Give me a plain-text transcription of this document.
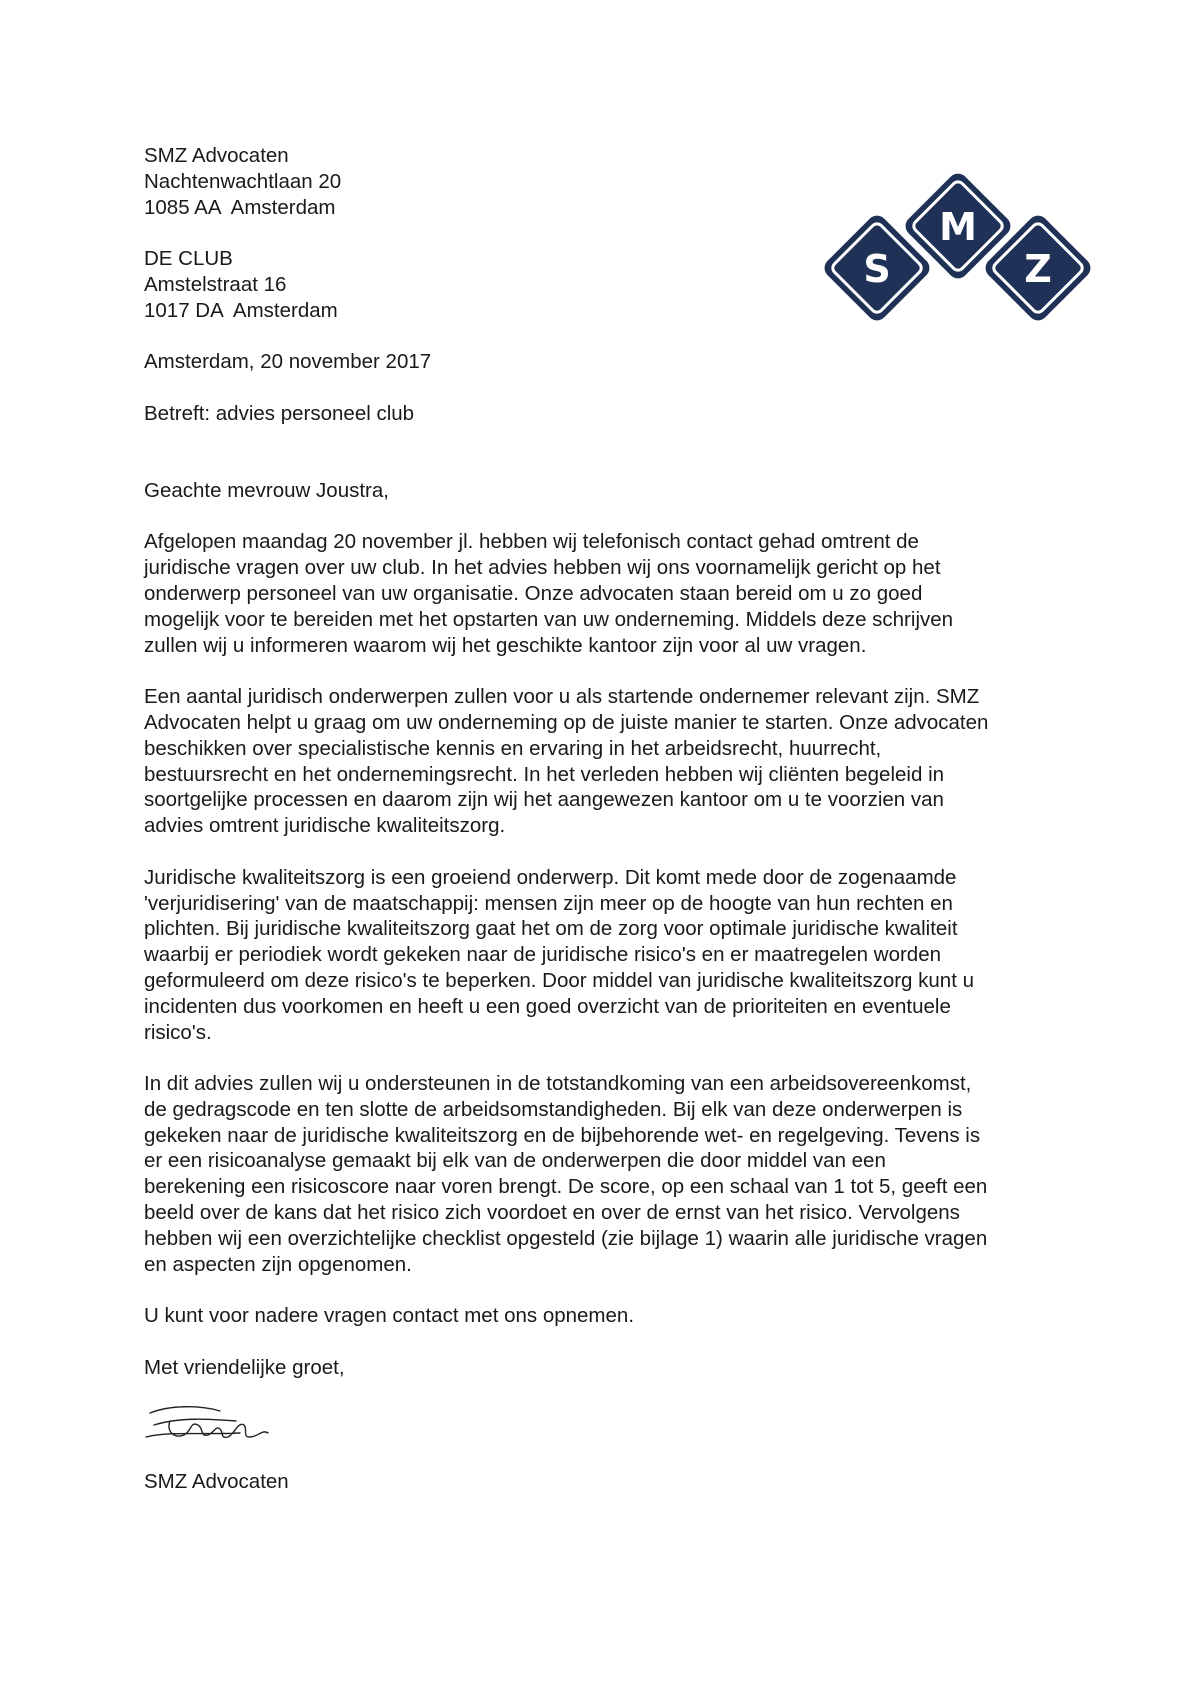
S	Z
M
SMZ Advocaten
Nachtenwachtlaan 20
1085 AA  Amsterdam
DE CLUB
Amstelstraat 16
1017 DA  Amsterdam
Amsterdam, 20 november 2017
Betreft: advies personeel club
Geachte mevrouw Joustra,
Afgelopen maandag 20 november jl. hebben wij telefonisch contact gehad omtrent de
juridische vragen over uw club. In het advies hebben wij ons voornamelijk gericht op het
onderwerp personeel van uw organisatie. Onze advocaten staan bereid om u zo goed
mogelijk voor te bereiden met het opstarten van uw onderneming. Middels deze schrijven
zullen wij u informeren waarom wij het geschikte kantoor zijn voor al uw vragen.
Een aantal juridisch onderwerpen zullen voor u als startende ondernemer relevant zijn. SMZ
Advocaten helpt u graag om uw onderneming op de juiste manier te starten. Onze advocaten
beschikken over specialistische kennis en ervaring in het arbeidsrecht, huurrecht,
bestuursrecht en het ondernemingsrecht. In het verleden hebben wij cliënten begeleid in
soortgelijke processen en daarom zijn wij het aangewezen kantoor om u te voorzien van
advies omtrent juridische kwaliteitszorg.
Juridische kwaliteitszorg is een groeiend onderwerp. Dit komt mede door de zogenaamde
'verjuridisering' van de maatschappij: mensen zijn meer op de hoogte van hun rechten en
plichten. Bij juridische kwaliteitszorg gaat het om de zorg voor optimale juridische kwaliteit
waarbij er periodiek wordt gekeken naar de juridische risico's en er maatregelen worden
geformuleerd om deze risico's te beperken. Door middel van juridische kwaliteitszorg kunt u
incidenten dus voorkomen en heeft u een goed overzicht van de prioriteiten en eventuele
risico's.
In dit advies zullen wij u ondersteunen in de totstandkoming van een arbeidsovereenkomst,
de gedragscode en ten slotte de arbeidsomstandigheden. Bij elk van deze onderwerpen is
gekeken naar de juridische kwaliteitszorg en de bijbehorende wet- en regelgeving. Tevens is
er een risicoanalyse gemaakt bij elk van de onderwerpen die door middel van een
berekening een risicoscore naar voren brengt. De score, op een schaal van 1 tot 5, geeft een
beeld over de kans dat het risico zich voordoet en over de ernst van het risico. Vervolgens
hebben wij een overzichtelijke checklist opgesteld (zie bijlage 1) waarin alle juridische vragen
en aspecten zijn opgenomen.
U kunt voor nadere vragen contact met ons opnemen.
Met vriendelijke groet,
SMZ Advocaten
